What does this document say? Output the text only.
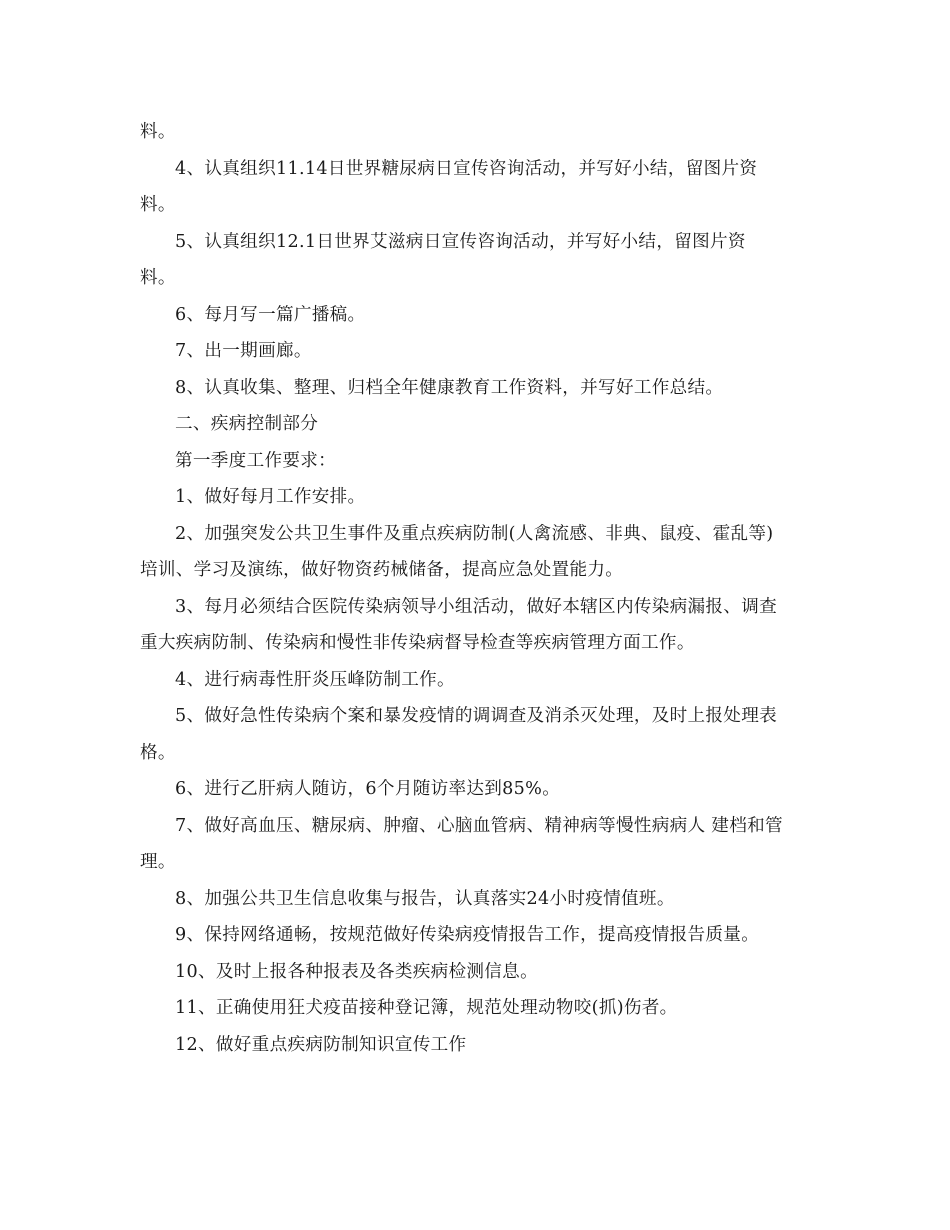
料。
4、认真组织11.14日世界糖尿病日宣传咨询活动，并写好小结，留图片资
料。
5、认真组织12.1日世界艾滋病日宣传咨询活动，并写好小结，留图片资
料。
6、每月写一篇广播稿。
7、出一期画廊。
8、认真收集、整理、归档全年健康教育工作资料，并写好工作总结。
二、疾病控制部分
第一季度工作要求：
1、做好每月工作安排。
2、加强突发公共卫生事件及重点疾病防制(人禽流感、非典、鼠疫、霍乱等)
培训、学习及演练，做好物资药械储备，提高应急处置能力。
3、每月必须结合医院传染病领导小组活动，做好本辖区内传染病漏报、调查
重大疾病防制、传染病和慢性非传染病督导检查等疾病管理方面工作。
4、进行病毒性肝炎压峰防制工作。
5、做好急性传染病个案和暴发疫情的调调查及消杀灭处理，及时上报处理表
格。
6、进行乙肝病人随访，6个月随访率达到85%。
7、做好高血压、糖尿病、肿瘤、心脑血管病、精神病等慢性病病人 建档和管
理。
8、加强公共卫生信息收集与报告，认真落实24小时疫情值班。
9、保持网络通畅，按规范做好传染病疫情报告工作，提高疫情报告质量。
10、及时上报各种报表及各类疾病检测信息。
11、正确使用狂犬疫苗接种登记簿，规范处理动物咬(抓)伤者。
12、做好重点疾病防制知识宣传工作
